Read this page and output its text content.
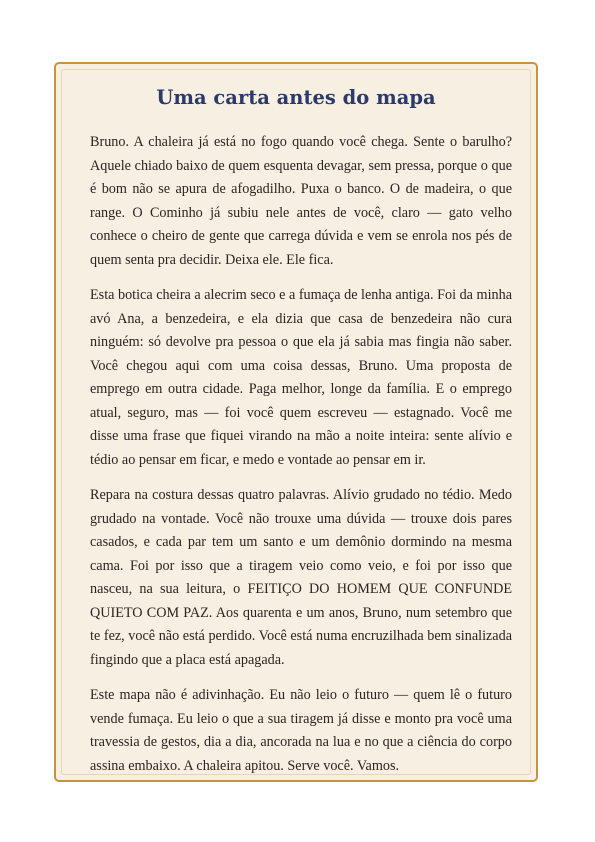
Uma carta antes do mapa

Bruno. A chaleira já está no fogo quando você chega. Sente o barulho? Aquele chiado baixo de quem esquenta devagar, sem pressa, porque o que é bom não se apura de afogadilho. Puxa o banco. O de madeira, o que range. O Cominho já subiu nele antes de você, claro — gato velho conhece o cheiro de gente que carrega dúvida e vem se enrola nos pés de quem senta pra decidir. Deixa ele. Ele fica.

Esta botica cheira a alecrim seco e a fumaça de lenha antiga. Foi da minha avó Ana, a benzedeira, e ela dizia que casa de benzedeira não cura ninguém: só devolve pra pessoa o que ela já sabia mas fingia não saber. Você chegou aqui com uma coisa dessas, Bruno. Uma proposta de emprego em outra cidade. Paga melhor, longe da família. E o emprego atual, seguro, mas — foi você quem escreveu — estagnado. Você me disse uma frase que fiquei virando na mão a noite inteira: sente alívio e tédio ao pensar em ficar, e medo e vontade ao pensar em ir.

Repara na costura dessas quatro palavras. Alívio grudado no tédio. Medo grudado na vontade. Você não trouxe uma dúvida — trouxe dois pares casados, e cada par tem um santo e um demônio dormindo na mesma cama. Foi por isso que a tiragem veio como veio, e foi por isso que nasceu, na sua leitura, o FEITIÇO DO HOMEM QUE CONFUNDE QUIETO COM PAZ. Aos quarenta e um anos, Bruno, num setembro que te fez, você não está perdido. Você está numa encruzilhada bem sinalizada fingindo que a placa está apagada.

Este mapa não é adivinhação. Eu não leio o futuro — quem lê o futuro vende fumaça. Eu leio o que a sua tiragem já disse e monto pra você uma travessia de gestos, dia a dia, ancorada na lua e no que a ciência do corpo assina embaixo. A chaleira apitou. Serve você. Vamos.
